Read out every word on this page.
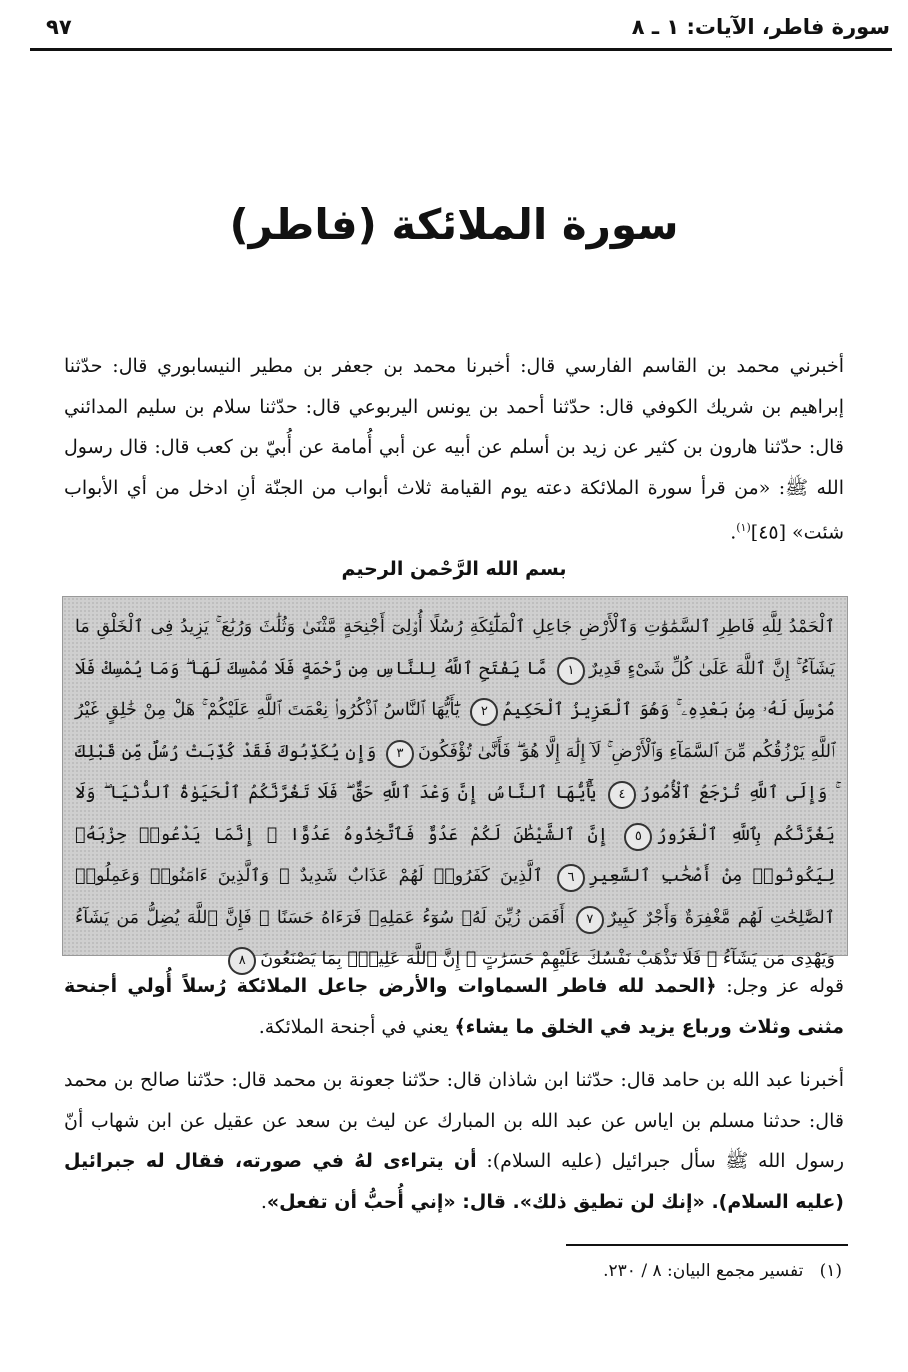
سورة فاطر، الآيات: ١ ـ ٨
٩٧
سورة الملائكة (فاطر)
أخبرني محمد بن القاسم الفارسي قال: أخبرنا محمد بن جعفر بن مطير النيسابوري قال: حدّثنا إبراهيم بن شريك الكوفي قال: حدّثنا أحمد بن يونس اليربوعي قال: حدّثنا سلام بن سليم المدائني قال: حدّثنا هارون بن كثير عن زيد بن أسلم عن أبيه عن أبي أُمامة عن أُبيّ بن كعب قال: قال رسول الله ﷺ: «من قرأ سورة الملائكة دعته يوم القيامة ثلاث أبواب من الجنّة أنِ ادخل من أي الأبواب شئت» [٤٥]$^{(١)}$.
بسم الله الرَّحْمن الرحيم
ٱلْحَمْدُ لِلَّهِ فَاطِرِ ٱلسَّمَٰوَٰتِ وَٱلْأَرْضِ جَاعِلِ ٱلْمَلَٰٓئِكَةِ رُسُلًا أُو۟لِىٓ أَجْنِحَةٍ مَّثْنَىٰ وَثُلَٰثَ وَرُبَٰعَ ۚ يَزِيدُ فِى ٱلْخَلْقِ مَا يَشَآءُ ۚ إِنَّ ٱللَّهَ عَلَىٰ كُلِّ شَىْءٍ قَدِيرٌ١ مَّا يَفْتَحِ ٱللَّهُ لِلنَّاسِ مِن رَّحْمَةٍ فَلَا مُمْسِكَ لَهَا ۖ وَمَا يُمْسِكْ فَلَا مُرْسِلَ لَهُۥ مِنۢ بَعْدِهِۦ ۚ وَهُوَ ٱلْعَزِيزُ ٱلْحَكِيمُ٢ يَٰٓأَيُّهَا ٱلنَّاسُ ٱذْكُرُوا۟ نِعْمَتَ ٱللَّهِ عَلَيْكُمْ ۚ هَلْ مِنْ خَٰلِقٍ غَيْرُ ٱللَّهِ يَرْزُقُكُم مِّنَ ٱلسَّمَآءِ وَٱلْأَرْضِ ۚ لَآ إِلَٰهَ إِلَّا هُوَ ۖ فَأَنَّىٰ تُؤْفَكُونَ٣ وَإِن يُكَذِّبُوكَ فَقَدْ كُذِّبَتْ رُسُلٌ مِّن قَبْلِكَ ۚ وَإِلَى ٱللَّهِ تُرْجَعُ ٱلْأُمُورُ٤ يَٰٓأَيُّهَا ٱلنَّاسُ إِنَّ وَعْدَ ٱللَّهِ حَقٌّ ۖ فَلَا تَغُرَّنَّكُمُ ٱلْحَيَوٰةُ ٱلدُّنْيَا ۖ وَلَا يَغُرَّنَّكُم بِٱللَّهِ ٱلْغَرُورُ٥ إِنَّ ٱلشَّيْطَٰنَ لَكُمْ عَدُوٌّ فَٱتَّخِذُوهُ عَدُوًّا ۚ إِنَّمَا يَدْعُوا۟ حِزْبَهُۥ لِيَكُونُوا۟ مِنْ أَصْحَٰبِ ٱلسَّعِيرِ٦ ٱلَّذِينَ كَفَرُوا۟ لَهُمْ عَذَابٌ شَدِيدٌ ۖ وَٱلَّذِينَ ءَامَنُوا۟ وَعَمِلُوا۟ ٱلصَّٰلِحَٰتِ لَهُم مَّغْفِرَةٌ وَأَجْرٌ كَبِيرٌ٧ أَفَمَن زُيِّنَ لَهُۥ سُوٓءُ عَمَلِهِۦ فَرَءَاهُ حَسَنًا ۖ فَإِنَّ ٱللَّهَ يُضِلُّ مَن يَشَآءُ وَيَهْدِى مَن يَشَآءُ ۖ فَلَا تَذْهَبْ نَفْسُكَ عَلَيْهِمْ حَسَرَٰتٍ ۚ إِنَّ ٱللَّهَ عَلِيمٌۢ بِمَا يَصْنَعُونَ٨
قوله عز وجل: ﴿الحمد لله فاطر السماوات والأرض جاعل الملائكة رُسلاً أُولي أجنحة مثنى وثلاث ورباع يزيد في الخلق ما يشاء﴾ يعني في أجنحة الملائكة.
أخبرنا عبد الله بن حامد قال: حدّثنا ابن شاذان قال: حدّثنا جعونة بن محمد قال: حدّثنا صالح بن محمد قال: حدثنا مسلم بن اياس عن عبد الله بن المبارك عن ليث بن سعد عن عقيل عن ابن شهاب أنّ رسول الله ﷺ سأل جبرائيل (عليه السلام): أن يتراءى لهُ في صورته، فقال له جبرائيل (عليه السلام). «إنك لن تطيق ذلك». قال: «إني أُحبُّ أن تفعل».
(١)   تفسير مجمع البيان: ٨ / ٢٣٠.
